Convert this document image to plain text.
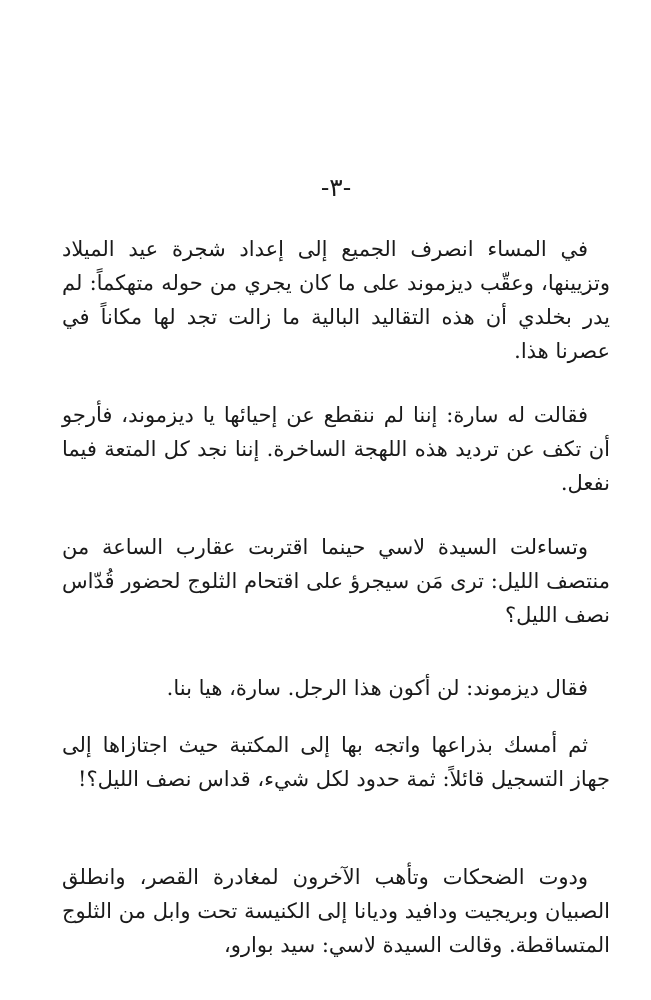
-٣-

في المساء انصرف الجميع إلى إعداد شجرة عيد الميلاد وتزيينها، وعقّب ديزموند على ما كان يجري من حوله متهكماً: لم يدر بخلدي أن هذه التقاليد البالية ما زالت تجد لها مكاناً في عصرنا هذا.

فقالت له سارة: إننا لم ننقطع عن إحيائها يا ديزموند، فأرجو أن تكف عن ترديد هذه اللهجة الساخرة. إننا نجد كل المتعة فيما نفعل.

وتساءلت السيدة لاسي حينما اقتربت عقارب الساعة من منتصف الليل: ترى مَن سيجرؤ على اقتحام الثلوج لحضور قُدّاس نصف الليل؟

فقال ديزموند: لن أكون هذا الرجل. سارة، هيا بنا.

ثم أمسك بذراعها واتجه بها إلى المكتبة حيث اجتازاها إلى جهاز التسجيل قائلاً: ثمة حدود لكل شيء، قداس نصف الليل؟!

ودوت الضحكات وتأهب الآخرون لمغادرة القصر، وانطلق الصبيان وبريجيت ودافيد وديانا إلى الكنيسة تحت وابل من الثلوج المتساقطة. وقالت السيدة لاسي: سيد بوارو،
